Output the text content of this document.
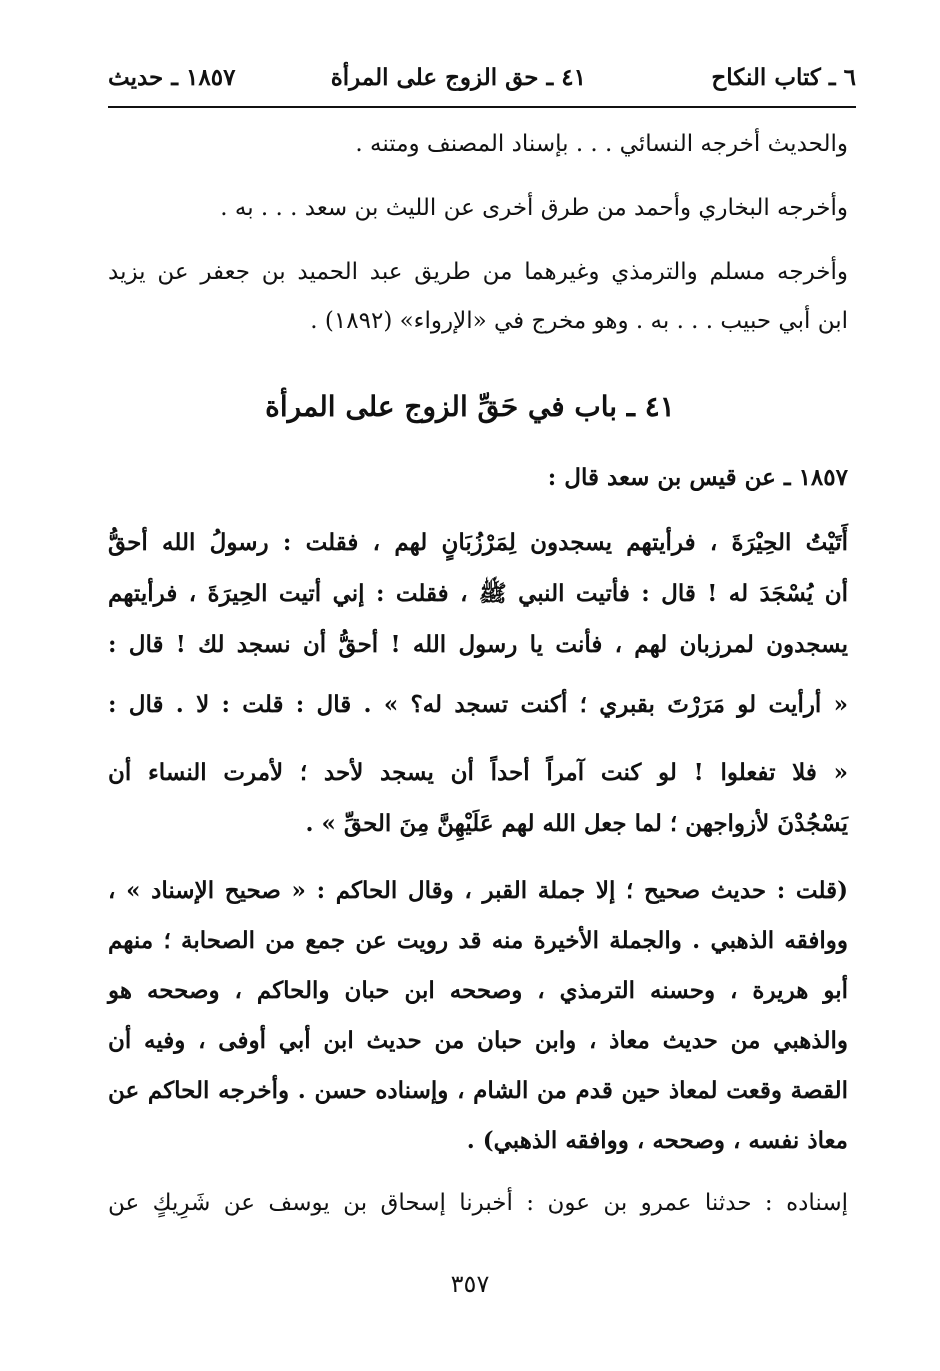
٦ ـ كتاب النكاح
٤١ ـ حق الزوج على المرأة
١٨٥٧ ـ حديث
والحديث أخرجه النسائي . . . بإسناد المصنف ومتنه .
وأخرجه البخاري وأحمد من طرق أخرى عن الليث بن سعد . . . به .
وأخرجه مسلم والترمذي وغيرهما من طريق عبد الحميد بن جعفر عن يزيد
ابن أبي حبيب . . . به . وهو مخرج في «الإرواء» (١٨٩٢) .
٤١ ـ باب في حَقِّ الزوج على المرأة
١٨٥٧ ـ عن قيس بن سعد قال :
أَتَيْتُ الحِيْرَةَ ، فرأيتهم يسجدون لِمَرْزُبَانٍ لهم ، فقلت : رسولُ الله أحقُّ
أن يُسْجَدَ له ! قال : فأتيت النبي ﷺ ، فقلت : إني أتيت الحِيرَةَ ، فرأيتهم
يسجدون لمرزبان لهم ، فأنت يا رسول الله ! أحقُّ أن نسجد لك ! قال :
« أرأيت لو مَرَرْتَ بقبري ؛ أكنت تسجد له؟ » . قال : قلت : لا . قال :
« فلا تفعلوا ! لو كنت آمراً أحداً أن يسجد لأحد ؛ لأمرت النساء أن
يَسْجُدْنَ لأزواجهن ؛ لما جعل الله لهم عَلَيْهِنَّ مِنَ الحقِّ » .
(قلت : حديث صحيح ؛ إلا جملة القبر ، وقال الحاكم : « صحيح الإسناد » ،
ووافقه الذهبي . والجملة الأخيرة منه قد رويت عن جمع من الصحابة ؛ منهم
أبو هريرة ، وحسنه الترمذي ، وصححه ابن حبان والحاكم ، وصححه هو
والذهبي من حديث معاذ ، وابن حبان من حديث ابن أبي أوفى ، وفيه أن
القصة وقعت لمعاذ حين قدم من الشام ، وإسناده حسن . وأخرجه الحاكم عن
معاذ نفسه ، وصححه ، ووافقه الذهبي) .
إسناده : حدثنا عمرو بن عون : أخبرنا إسحاق بن يوسف عن شَرِيكٍ عن
٣٥٧
